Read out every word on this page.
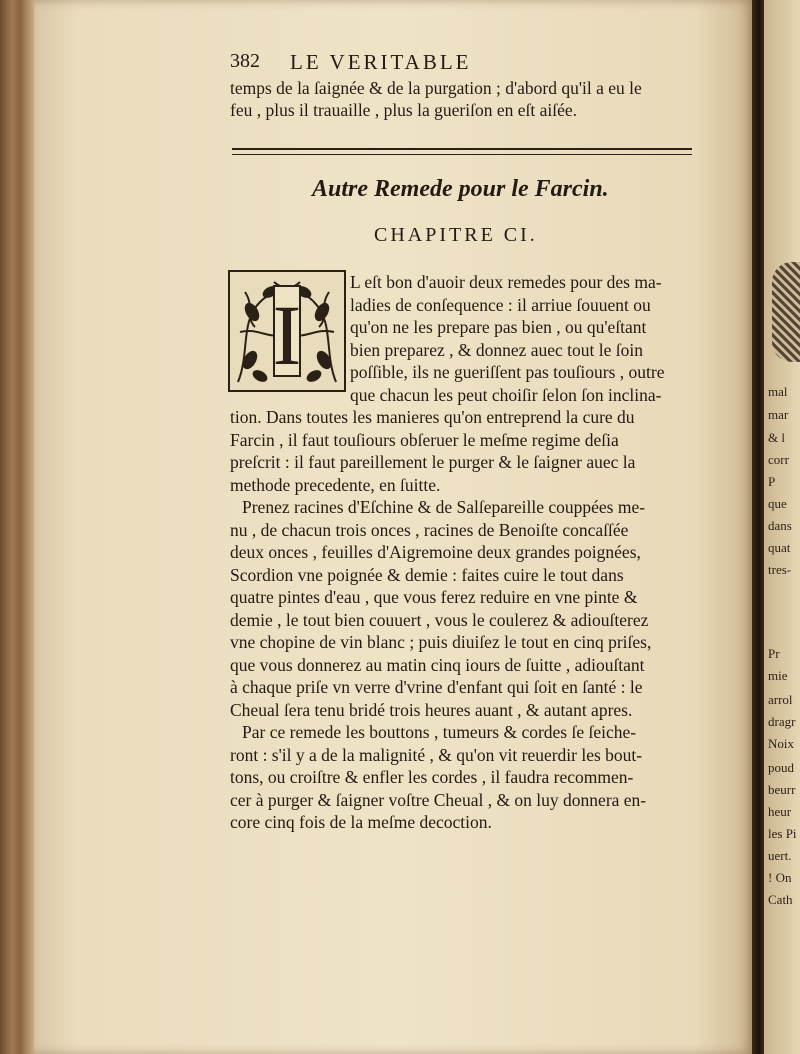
mal
mar
& l
corr
P
que
dans
quat
tres-
Pr
mie
arrol
dragr
Noix
poud
beurr
heur
les Pi
uert.
! On
Cath
382 LE VERITABLE
temps de la ſaignée & de la purgation ; d'abord qu'il a eu le
feu , plus il trauaille , plus la gueriſon en eſt aiſée.
Autre Remede pour le Farcin.
CHAPITRE CI.
I
L eſt bon d'auoir deux remedes pour des ma-
ladies de conſequence : il arriue ſouuent ou
qu'on ne les prepare pas bien , ou qu'eſtant
bien preparez , & donnez auec tout le ſoin
poſſible, ils ne gueriſſent pas touſiours , outre
que chacun les peut choiſir ſelon ſon inclina-
tion. Dans toutes les manieres qu'on entreprend la cure du
Farcin , il faut touſiours obſeruer le meſme regime deſia
preſcrit : il faut pareillement le purger & le ſaigner auec la
methode precedente, en ſuitte.
Prenez racines d'Eſchine & de Salſepareille couppées me-
nu , de chacun trois onces , racines de Benoiſte concaſſée
deux onces , feuilles d'Aigremoine deux grandes poignées,
Scordion vne poignée & demie : faites cuire le tout dans
quatre pintes d'eau , que vous ferez reduire en vne pinte &
demie , le tout bien couuert , vous le coulerez & adiouſterez
vne chopine de vin blanc ; puis diuiſez le tout en cinq priſes,
que vous donnerez au matin cinq iours de ſuitte , adiouſtant
à chaque priſe vn verre d'vrine d'enfant qui ſoit en ſanté : le
Cheual ſera tenu bridé trois heures auant , & autant apres.
Par ce remede les bouttons , tumeurs & cordes ſe ſeiche-
ront : s'il y a de la malignité , & qu'on vit reuerdir les bout-
tons, ou croiſtre & enfler les cordes , il faudra recommen-
cer à purger & ſaigner voſtre Cheual , & on luy donnera en-
core cinq fois de la meſme decoction.
